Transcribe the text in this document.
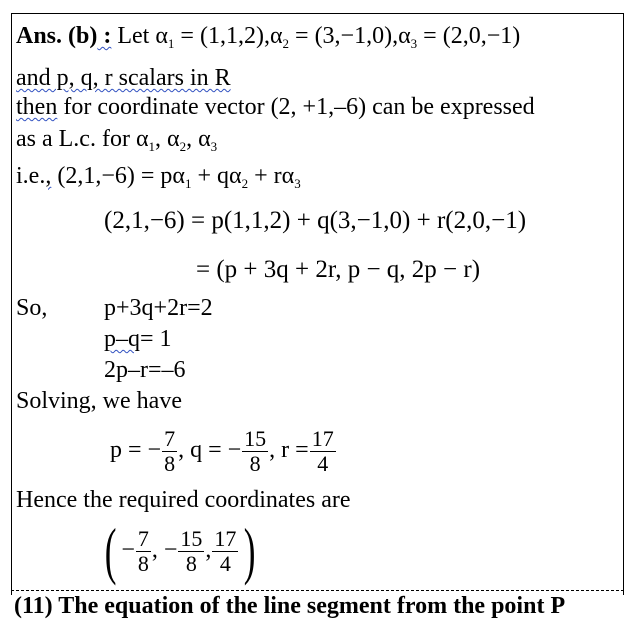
Ans. (b) : Let $\alpha_1 = (1,1,2),\alpha_2 = (3,-1,0),\alpha_3 = (2,0,-1)$
and p, q, r scalars in R
then for coordinate vector (2, +1,–6) can be expressed
as a L.c. for $\alpha_1$, $\alpha_2$, $\alpha_3$
i.e., $(2,1,-6) = p\alpha_1 + q\alpha_2 + r\alpha_3$
(2,1,−6) = p(1,1,2) + q(3,−1,0) + r(2,0,−1)
= (p + 3q + 2r, p − q, 2p − r)
So, p+3q+2r=2
p–q= 1
2p–r=–6
Solving, we have
p = − $\frac{7}{8}$ , q = − $\frac{15}{8}$ , $r = \frac{17}{4}$
Hence the required coordinates are
( − $\frac{7}{8}$ , − $\frac{15}{8}$ , $\frac{17}{4}$ )
(11) The equation of the line segment from the point P
